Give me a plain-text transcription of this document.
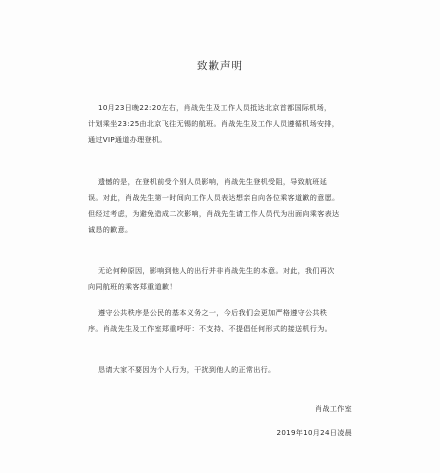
致歉声明
10月23日晚22:20左右，肖战先生及工作人员抵达北京首都国际机场，
计划乘坐23:25由北京飞往无锡的航班。肖战先生及工作人员遵循机场安排，
通过VIP通道办理登机。
遗憾的是，在登机前受个别人员影响，肖战先生登机受阻，导致航班延
误。对此，肖战先生第一时间向工作人员表达想亲自向各位乘客道歉的意愿。
但经过考虑，为避免造成二次影响，肖战先生请工作人员代为出面向乘客表达
诚恳的歉意。
无论何种原因，影响到他人的出行并非肖战先生的本意。对此，我们再次
向同航班的乘客郑重道歉！
遵守公共秩序是公民的基本义务之一，今后我们会更加严格遵守公共秩
序。肖战先生及工作室郑重呼吁：不支持、不提倡任何形式的接送机行为。
恳请大家不要因为个人行为，干扰到他人的正常出行。
肖战工作室
2019年10月24日凌晨
